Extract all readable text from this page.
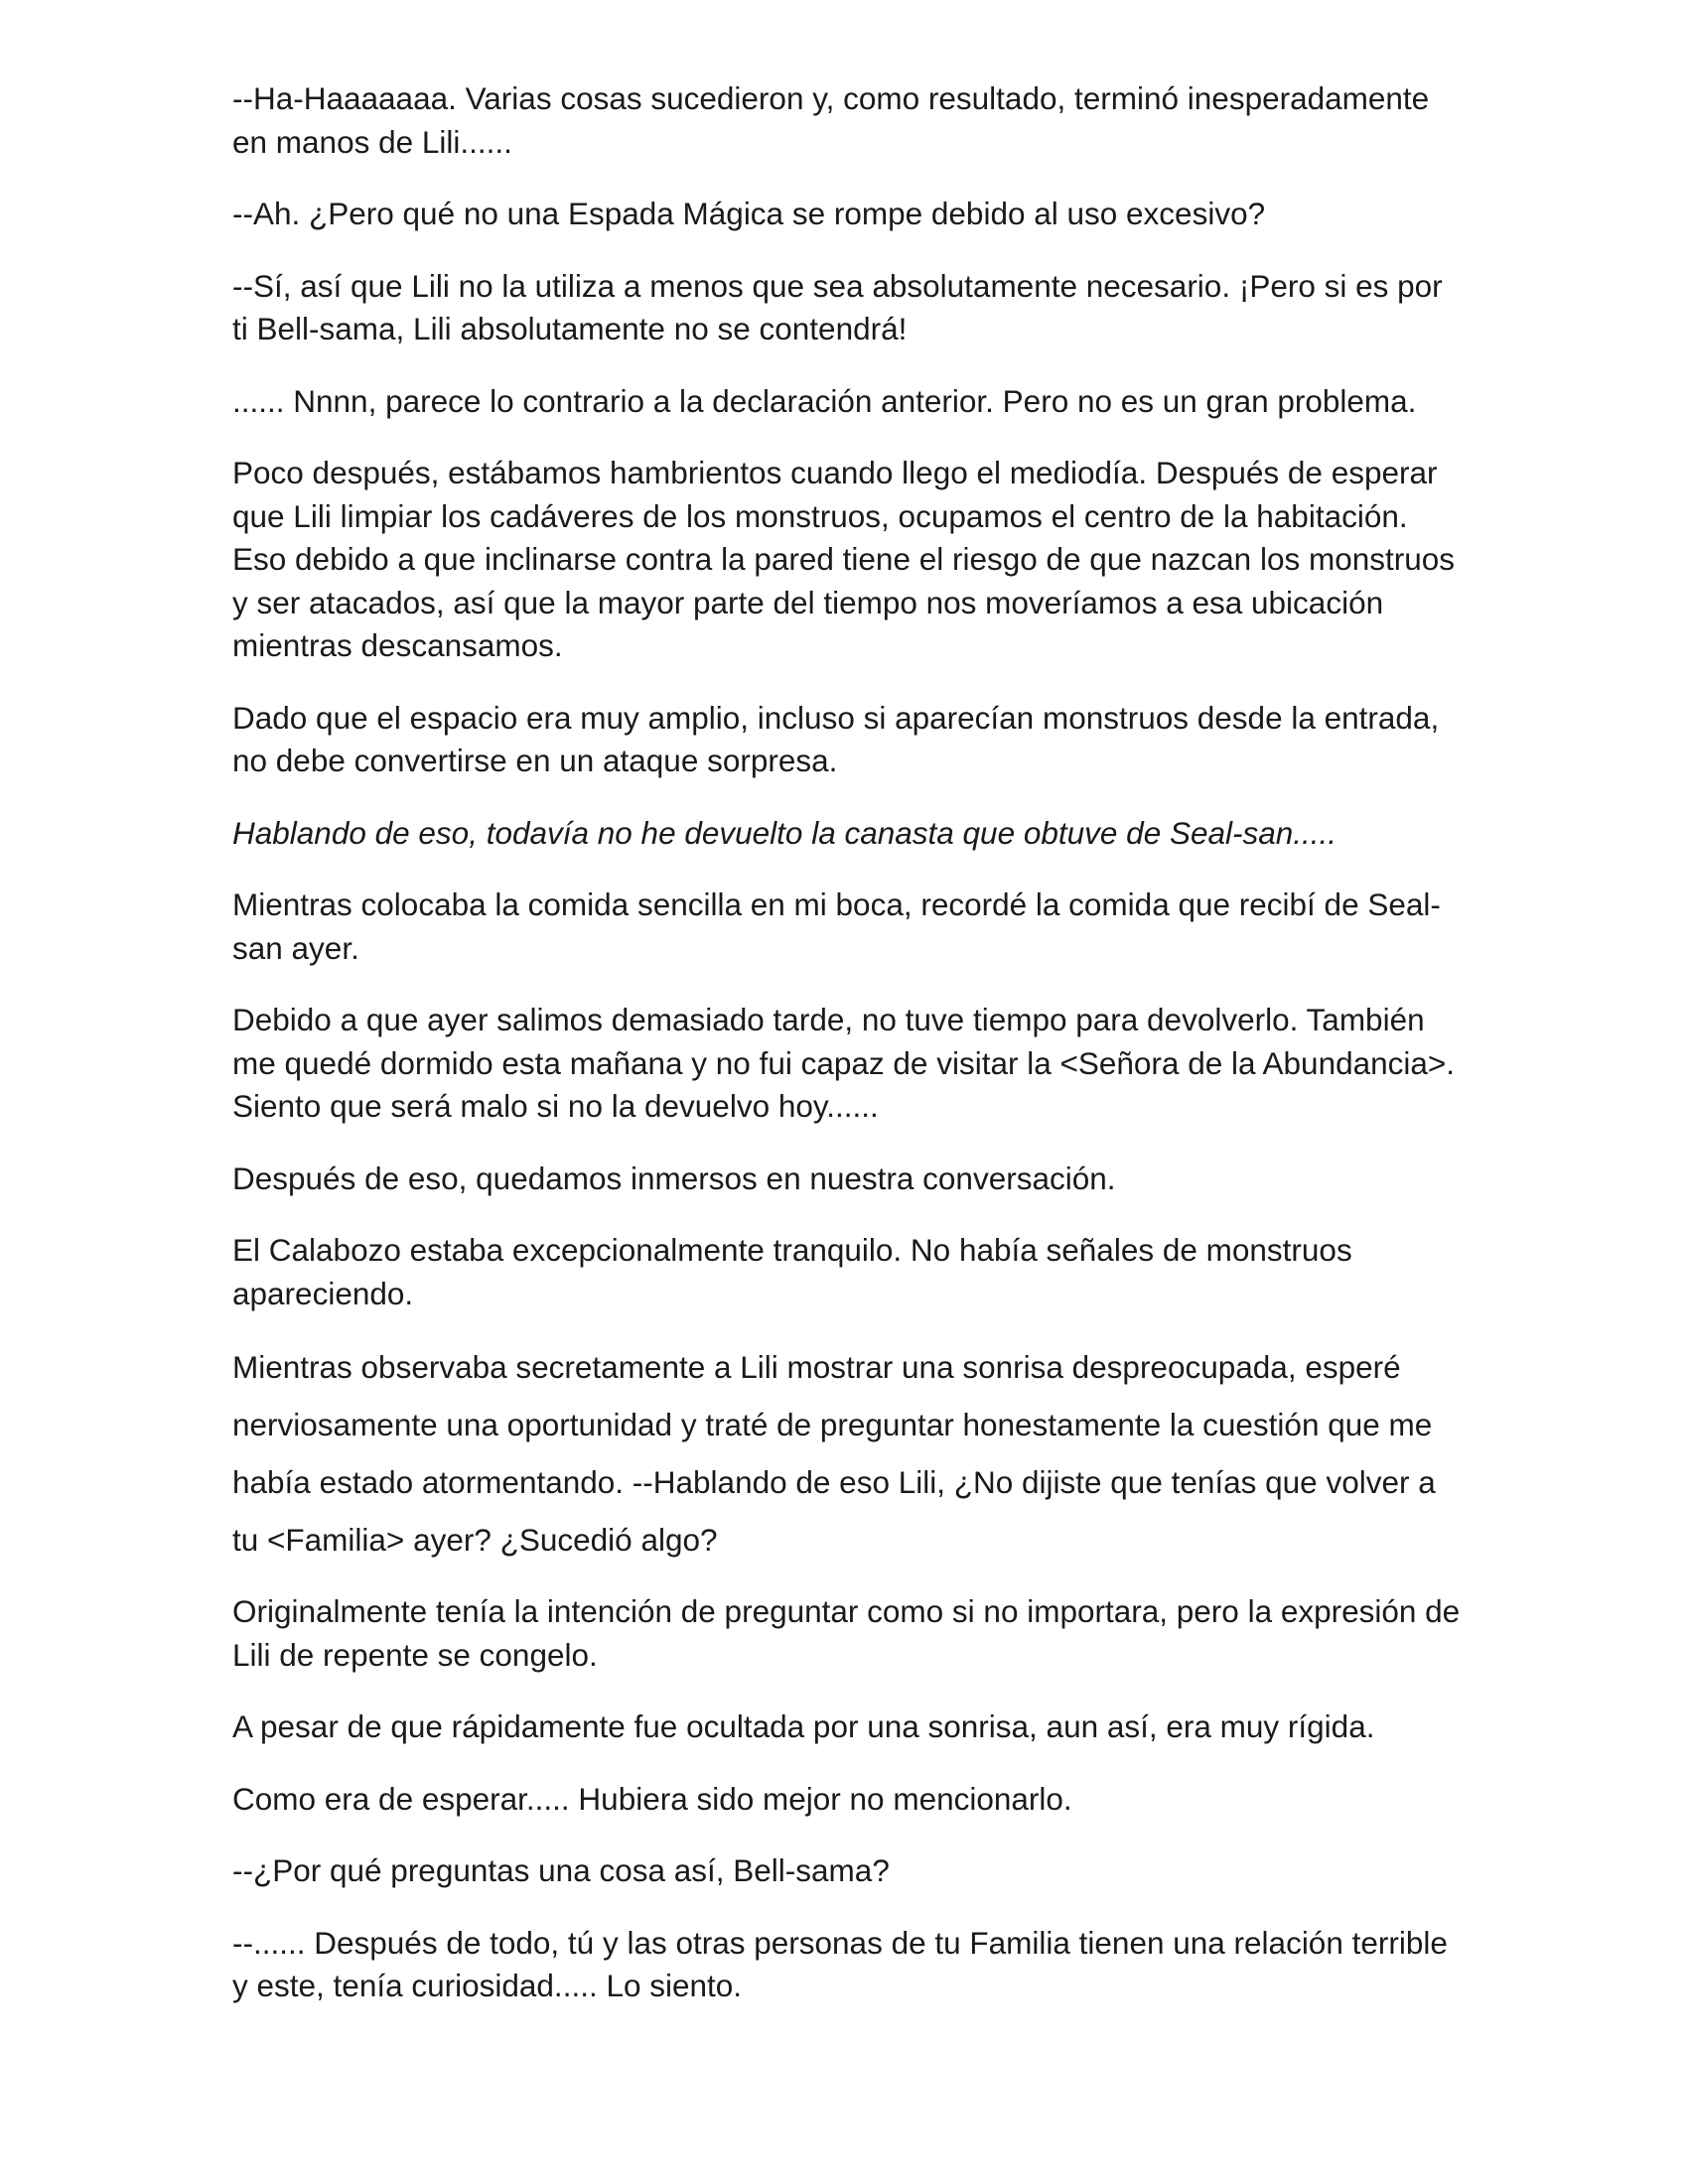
--Ha-Haaaaaaa. Varias cosas sucedieron y, como resultado, terminó inesperadamente en manos de Lili......

--Ah. ¿Pero qué no una Espada Mágica se rompe debido al uso excesivo?

--Sí, así que Lili no la utiliza a menos que sea absolutamente necesario. ¡Pero si es por ti Bell-sama, Lili absolutamente no se contendrá!

...... Nnnn, parece lo contrario a la declaración anterior. Pero no es un gran problema.

Poco después, estábamos hambrientos cuando llego el mediodía. Después de esperar que Lili limpiar los cadáveres de los monstruos, ocupamos el centro de la habitación. Eso debido a que inclinarse contra la pared tiene el riesgo de que nazcan los monstruos y ser atacados, así que la mayor parte del tiempo nos moveríamos a esa ubicación mientras descansamos.

Dado que el espacio era muy amplio, incluso si aparecían monstruos desde la entrada, no debe convertirse en un ataque sorpresa.

Hablando de eso, todavía no he devuelto la canasta que obtuve de Seal-san.....

Mientras colocaba la comida sencilla en mi boca, recordé la comida que recibí de Seal-san ayer.

Debido a que ayer salimos demasiado tarde, no tuve tiempo para devolverlo. También me quedé dormido esta mañana y no fui capaz de visitar la <Señora de la Abundancia>. Siento que será malo si no la devuelvo hoy......

Después de eso, quedamos inmersos en nuestra conversación.

El Calabozo estaba excepcionalmente tranquilo. No había señales de monstruos apareciendo.

Mientras observaba secretamente a Lili mostrar una sonrisa despreocupada, esperé nerviosamente una oportunidad y traté de preguntar honestamente la cuestión que me había estado atormentando. --Hablando de eso Lili, ¿No dijiste que tenías que volver a tu <Familia> ayer? ¿Sucedió algo?

Originalmente tenía la intención de preguntar como si no importara, pero la expresión de Lili de repente se congelo.

A pesar de que rápidamente fue ocultada por una sonrisa, aun así, era muy rígida.

Como era de esperar..... Hubiera sido mejor no mencionarlo.

--¿Por qué preguntas una cosa así, Bell-sama?

--...... Después de todo, tú y las otras personas de tu Familia tienen una relación terrible y este, tenía curiosidad..... Lo siento.
